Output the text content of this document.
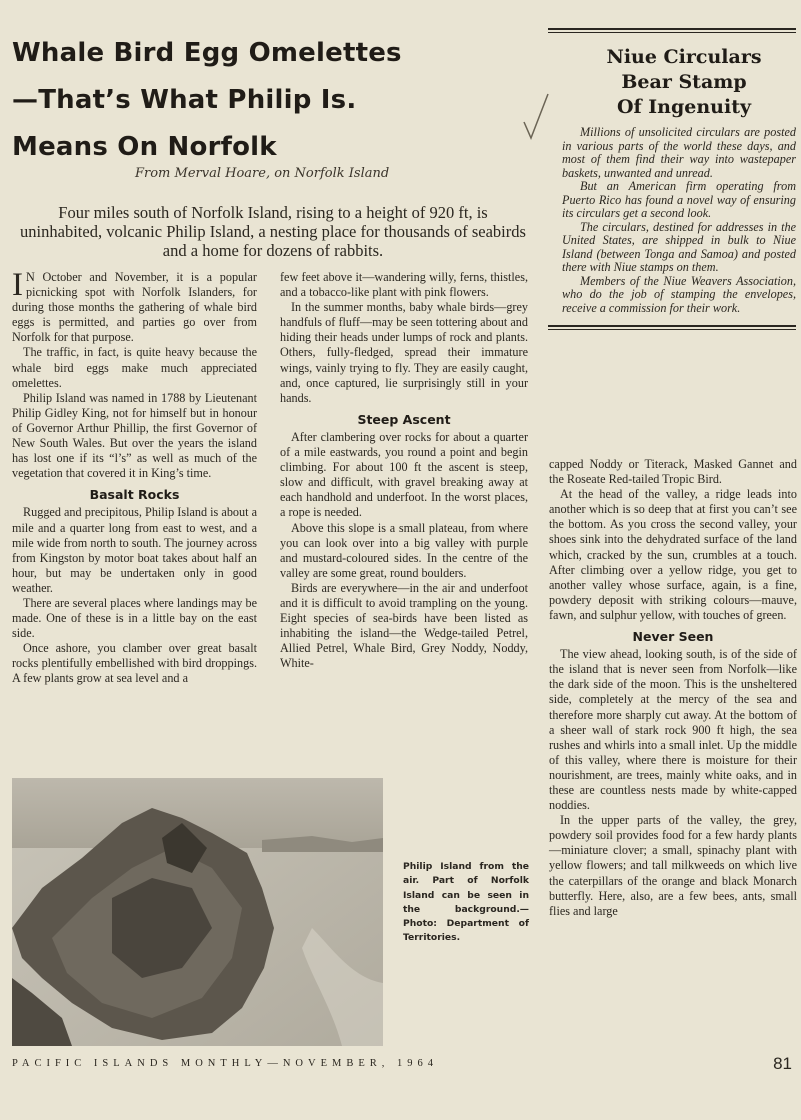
Whale Bird Egg Omelettes
—That’s What Philip Is.
Means On Norfolk
From Merval Hoare, on Norfolk Island
Four miles south of Norfolk Island, rising to a height of 920 ft, is uninhabited, volcanic Philip Island, a nesting place for thousands of seabirds and a home for dozens of rabbits.

I N October and November, it is a popular picnicking spot with Norfolk Islanders, for during those months the gathering of whale bird eggs is permitted, and parties go over from Norfolk for that purpose.

The traffic, in fact, is quite heavy because the whale bird eggs make much appreciated omelettes.

Philip Island was named in 1788 by Lieutenant Philip Gidley King, not for himself but in honour of Governor Arthur Phillip, the first Governor of New South Wales. But over the years the island has lost one if its “l’s” as well as much of the vegetation that covered it in King’s time.

Basalt Rocks

Rugged and precipitous, Philip Island is about a mile and a quarter long from east to west, and a mile wide from north to south. The journey across from Kingston by motor boat takes about half an hour, but may be undertaken only in good weather.

There are several places where landings may be made. One of these is in a little bay on the east side.

Once ashore, you clamber over great basalt rocks plentifully embellished with bird droppings. A few plants grow at sea level and a

few feet above it—wandering willy, ferns, thistles, and a tobacco-like plant with pink flowers.

In the summer months, baby whale birds—grey handfuls of fluff—may be seen tottering about and hiding their heads under lumps of rock and plants. Others, fully-fledged, spread their immature wings, vainly trying to fly. They are easily caught, and, once captured, lie surprisingly still in your hands.

Steep Ascent

After clambering over rocks for about a quarter of a mile eastwards, you round a point and begin climbing. For about 100 ft the ascent is steep, slow and difficult, with gravel breaking away at each handhold and underfoot. In the worst places, a rope is needed.

Above this slope is a small plateau, from where you can look over into a big valley with purple and mustard-coloured sides. In the centre of the valley are some great, round boulders.

Birds are everywhere—in the air and underfoot and it is difficult to avoid trampling on the young. Eight species of sea-birds have been listed as inhabiting the island—the Wedge-tailed Petrel, Allied Petrel, Whale Bird, Grey Noddy, Noddy, White-

Niue Circulars
Bear Stamp
Of Ingenuity

Millions of unsolicited circulars are posted in various parts of the world these days, and most of them find their way into wastepaper baskets, unwanted and unread.

But an American firm operating from Puerto Rico has found a novel way of ensuring its circulars get a second look.

The circulars, destined for addresses in the United States, are shipped in bulk to Niue Island (between Tonga and Samoa) and posted there with Niue stamps on them.

Members of the Niue Weavers Association, who do the job of stamping the envelopes, receive a commission for their work.

capped Noddy or Titerack, Masked Gannet and the Roseate Red-tailed Tropic Bird.

At the head of the valley, a ridge leads into another which is so deep that at first you can’t see the bottom. As you cross the second valley, your shoes sink into the dehydrated surface of the land which, cracked by the sun, crumbles at a touch. After climbing over a yellow ridge, you get to another valley whose surface, again, is a fine, powdery deposit with striking colours—mauve, fawn, and sulphur yellow, with touches of green.

Never Seen

The view ahead, looking south, is of the side of the island that is never seen from Norfolk—like the dark side of the moon. This is the unsheltered side, completely at the mercy of the sea and therefore more sharply cut away. At the bottom of a sheer wall of stark rock 900 ft high, the sea rushes and whirls into a small inlet. Up the middle of this valley, where there is moisture for their nourishment, are trees, mainly white oaks, and in these are countless nests made by white-capped noddies.

In the upper parts of the valley, the grey, powdery soil provides food for a few hardy plants—miniature clover; a small, spinachy plant with yellow flowers; and tall milkweeds on which live the caterpillars of the orange and black Monarch butterfly. Here, also, are a few bees, ants, small flies and large

Philip Island from the air. Part of Norfolk Island can be seen in the background.—Photo: Department of Territories.
PACIFIC ISLANDS MONTHLY—NOVEMBER, 1964	81
